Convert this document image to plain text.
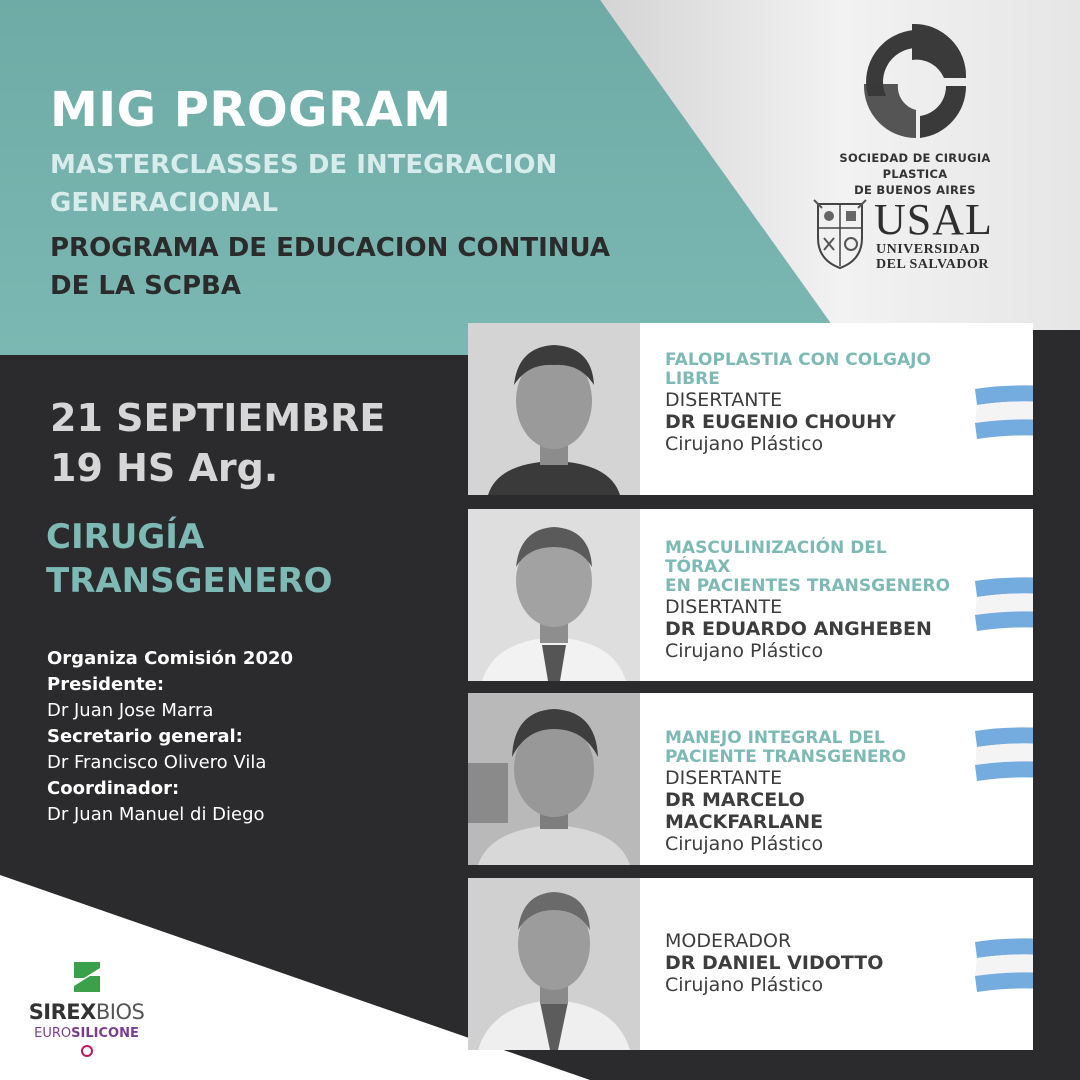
MIG PROGRAM
MASTERCLASSES DE INTEGRACION
GENERACIONAL
PROGRAMA DE EDUCACION CONTINUA
DE LA SCPBA
SOCIEDAD DE CIRUGIA PLASTICA
DE BUENOS AIRES
USAL
UNIVERSIDAD
DEL SALVADOR
21 SEPTIEMBRE
19 HS Arg.
CIRUGÍA
TRANSGENERO
Organiza Comisión 2020
Presidente:
Dr Juan Jose Marra
Secretario general:
Dr Francisco Olivero Vila
Coordinador:
Dr Juan Manuel di Diego
FALOPLASTIA CON COLGAJO
LIBRE
DISERTANTE
DR EUGENIO CHOUHY
Cirujano Plástico
MASCULINIZACIÓN DEL TÓRAX
EN PACIENTES TRANSGENERO
DISERTANTE
DR EDUARDO ANGHEBEN
Cirujano Plástico
MANEJO INTEGRAL DEL
PACIENTE TRANSGENERO
DISERTANTE
DR MARCELO MACKFARLANE
Cirujano Plástico
MODERADOR
DR DANIEL VIDOTTO
Cirujano Plástico
SIREXBIOS
EUROSILICONE
